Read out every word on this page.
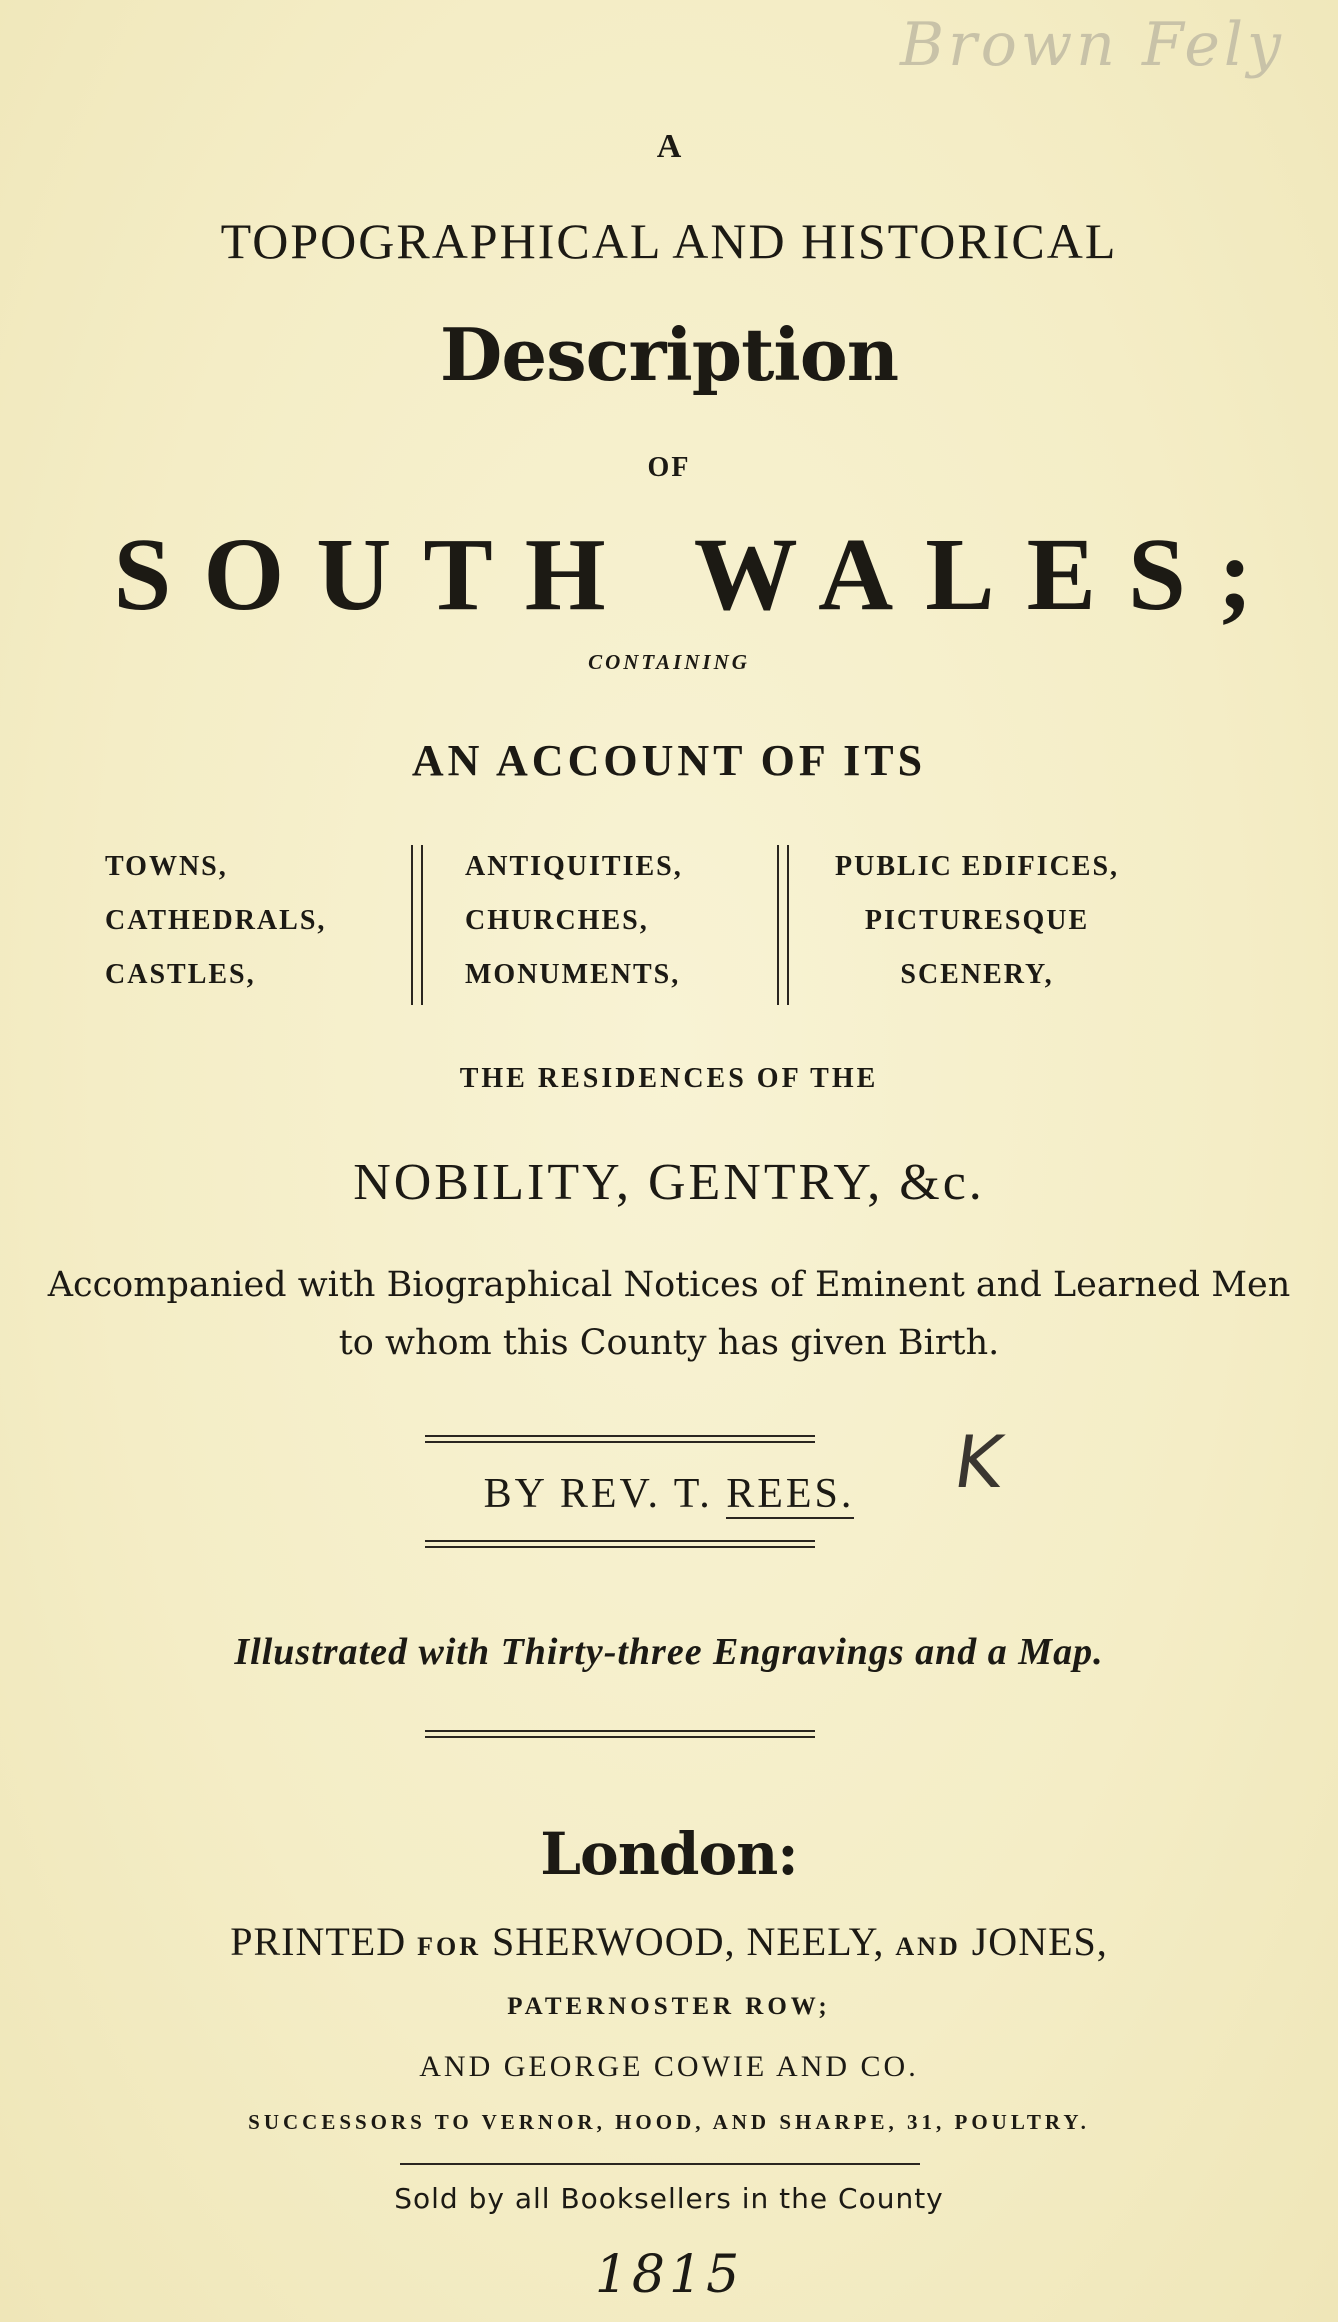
Brown Fely
A
TOPOGRAPHICAL AND HISTORICAL
Description
OF
SOUTH WALES;
CONTAINING
AN ACCOUNT OF ITS
TOWNS,
CATHEDRALS,
CASTLES,
ANTIQUITIES,
CHURCHES,
MONUMENTS,
PUBLIC EDIFICES,
PICTURESQUE
SCENERY,
THE RESIDENCES OF THE
NOBILITY, GENTRY, &c.
Accompanied with Biographical Notices of Eminent and Learned Men
to whom this County has given Birth.
BY REV. T. REES.	K
Illustrated with Thirty-three Engravings and a Map.
London:
PRINTED FOR SHERWOOD, NEELY, AND JONES,
PATERNOSTER ROW;
AND GEORGE COWIE AND CO.
SUCCESSORS TO VERNOR, HOOD, AND SHARPE, 31, POULTRY.
Sold by all Booksellers in the County
1815
